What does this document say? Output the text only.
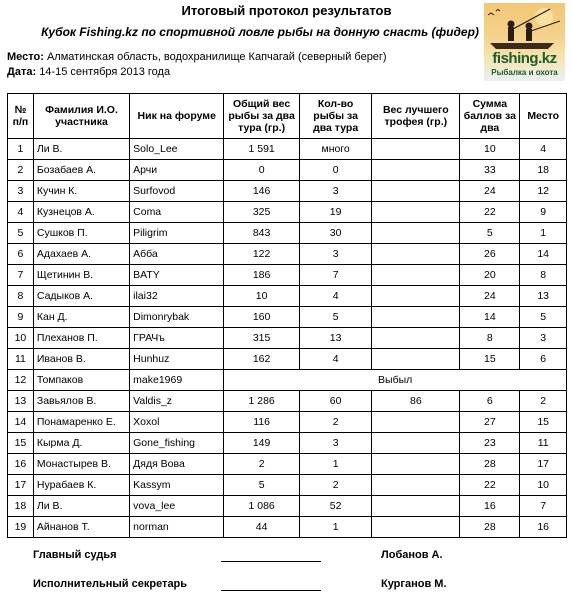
Итоговый протокол результатов
Кубок Fishing.kz по спортивной ловле рыбы на донную снасть (фидер)
Место: Алматинская область, водохранилище Капчагай (северный берег)
Дата: 14-15 сентября 2013 года
fishing.kz
Рыбалка и охота
№ п/п	Фамилия И.О. участника	Ник на форуме	Общий вес рыбы за два тура (гр.)	Кол-во рыбы за два тура	Вес лучшего трофея (гр.)	Сумма баллов за два	Место
1	Ли В.	Solo_Lee	1 591	много		10	4
2	Бозабаев А.	Арчи	0	0		33	18
3	Кучин К.	Surfovod	146	3		24	12
4	Кузнецов А.	Coma	325	19		22	9
5	Сушков П.	Piligrim	843	30		5	1
6	Адахаев А.	Абба	122	3		26	14
7	Щетинин В.	BATY	186	7		20	8
8	Садыков А.	ilai32	10	4		24	13
9	Кан Д.	Dimonrybak	160	5		14	5
10	Плеханов П.	ГРАЧъ	315	13		8	3
11	Иванов В.	Hunhuz	162	4		15	6
12	Томпаков	make1969	Выбыл				
13	Завьялов В.	Valdis_z	1 286	60	86	6	2
14	Понамаренко Е.	Xoxol	116	2		27	15
15	Кырма Д.	Gone_fishing	149	3		23	11
16	Монастырев В.	Дядя Вова	2	1		28	17
17	Нурабаев К.	Kassym	5	2		22	10
18	Ли В.	vova_lee	1 086	52		16	7
19	Айнанов Т.	norman	44	1		28	16
Главный судья	Лобанов А.
Исполнительный секретарь	Курганов М.
